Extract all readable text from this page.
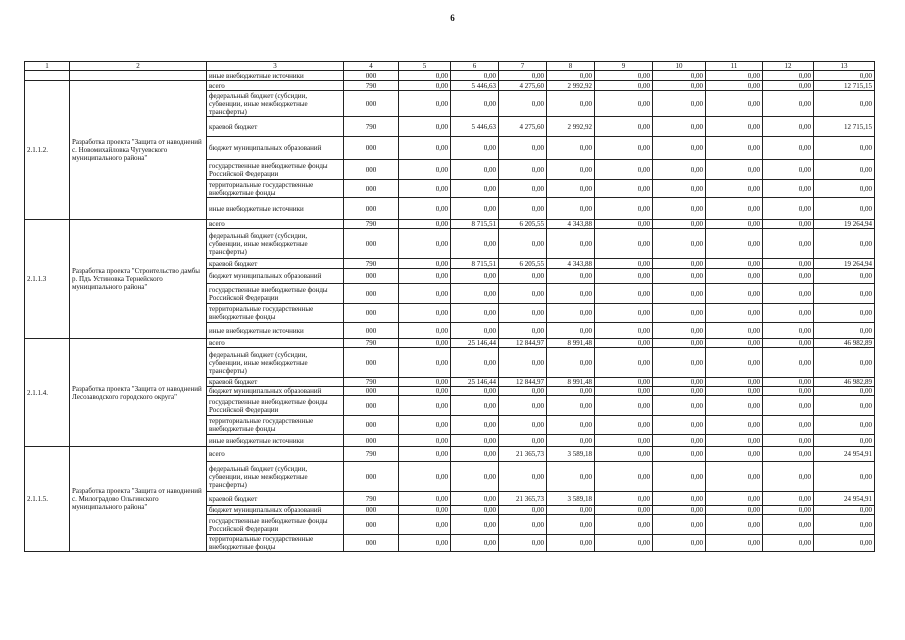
6
1	2	3	4	5	6	7	8	9	10	11	12	13
		иные внебюджетные источники	000	0,00	0,00	0,00	0,00	0,00	0,00	0,00	0,00	0,00
2.1.1.2.	Разработка проекта "Защита от наводнений с. Новомихайловка Чугуевского муниципального района"	всего	790	0,00	5 446,63	4 275,60	2 992,92	0,00	0,00	0,00	0,00	12 715,15
		федеральный бюджет (субсидии, субвенции, иные межбюджетные трансферты)	000	0,00	0,00	0,00	0,00	0,00	0,00	0,00	0,00	0,00
		краевой бюджет	790	0,00	5 446,63	4 275,60	2 992,92	0,00	0,00	0,00	0,00	12 715,15
		бюджет муниципальных образований	000	0,00	0,00	0,00	0,00	0,00	0,00	0,00	0,00	0,00
		государственные внебюджетные фонды Российской Федерации	000	0,00	0,00	0,00	0,00	0,00	0,00	0,00	0,00	0,00
		территориальные государственные внебюджетные фонды	000	0,00	0,00	0,00	0,00	0,00	0,00	0,00	0,00	0,00
		иные внебюджетные источники	000	0,00	0,00	0,00	0,00	0,00	0,00	0,00	0,00	0,00
2.1.1.3	Разработка проекта "Строительство дамбы р. Пдъ Устиновка Тернейского муниципального района"	всего	790	0,00	8 715,51	6 205,55	4 343,88	0,00	0,00	0,00	0,00	19 264,94
		федеральный бюджет (субсидии, субвенции, иные межбюджетные трансферты)	000	0,00	0,00	0,00	0,00	0,00	0,00	0,00	0,00	0,00
		краевой бюджет	790	0,00	8 715,51	6 205,55	4 343,88	0,00	0,00	0,00	0,00	19 264,94
		бюджет муниципальных образований	000	0,00	0,00	0,00	0,00	0,00	0,00	0,00	0,00	0,00
		государственные внебюджетные фонды Российской Федерации	000	0,00	0,00	0,00	0,00	0,00	0,00	0,00	0,00	0,00
		территориальные государственные внебюджетные фонды	000	0,00	0,00	0,00	0,00	0,00	0,00	0,00	0,00	0,00
		иные внебюджетные источники	000	0,00	0,00	0,00	0,00	0,00	0,00	0,00	0,00	0,00
2.1.1.4.	Разработка проекта "Защита от наводнений Лесозаводского городского округа"	всего	790	0,00	25 146,44	12 844,97	8 991,48	0,00	0,00	0,00	0,00	46 982,89
		федеральный бюджет (субсидии, субвенции, иные межбюджетные трансферты)	000	0,00	0,00	0,00	0,00	0,00	0,00	0,00	0,00	0,00
		краевой бюджет	790	0,00	25 146,44	12 844,97	8 991,48	0,00	0,00	0,00	0,00	46 982,89
		бюджет муниципальных образований	000	0,00	0,00	0,00	0,00	0,00	0,00	0,00	0,00	0,00
		государственные внебюджетные фонды Российской Федерации	000	0,00	0,00	0,00	0,00	0,00	0,00	0,00	0,00	0,00
		территориальные государственные внебюджетные фонды	000	0,00	0,00	0,00	0,00	0,00	0,00	0,00	0,00	0,00
		иные внебюджетные источники	000	0,00	0,00	0,00	0,00	0,00	0,00	0,00	0,00	0,00
2.1.1.5.	Разработка проекта "Защита от наводнений с. Милоградово Ольгинского муниципального района"	всего	790	0,00	0,00	21 365,73	3 589,18	0,00	0,00	0,00	0,00	24 954,91
		федеральный бюджет (субсидии, субвенции, иные межбюджетные трансферты)	000	0,00	0,00	0,00	0,00	0,00	0,00	0,00	0,00	0,00
		краевой бюджет	790	0,00	0,00	21 365,73	3 589,18	0,00	0,00	0,00	0,00	24 954,91
		бюджет муниципальных образований	000	0,00	0,00	0,00	0,00	0,00	0,00	0,00	0,00	0,00
		государственные внебюджетные фонды Российской Федерации	000	0,00	0,00	0,00	0,00	0,00	0,00	0,00	0,00	0,00
		территориальные государственные внебюджетные фонды	000	0,00	0,00	0,00	0,00	0,00	0,00	0,00	0,00	0,00
